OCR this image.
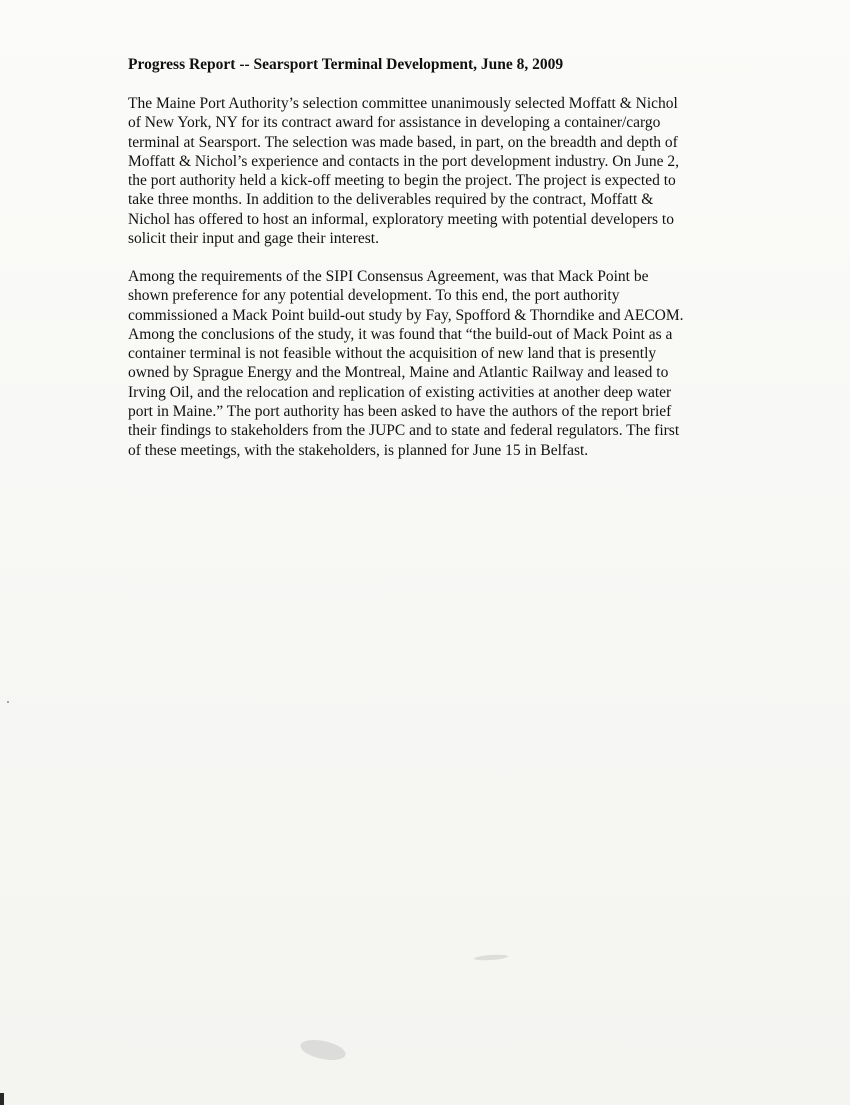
Progress Report -- Searsport Terminal Development, June 8, 2009

The Maine Port Authority’s selection committee unanimously selected Moffatt & Nichol
of New York, NY for its contract award for assistance in developing a container/cargo
terminal at Searsport. The selection was made based, in part, on the breadth and depth of
Moffatt & Nichol’s experience and contacts in the port development industry. On June 2,
the port authority held a kick-off meeting to begin the project. The project is expected to
take three months. In addition to the deliverables required by the contract, Moffatt &
Nichol has offered to host an informal, exploratory meeting with potential developers to
solicit their input and gage their interest.

Among the requirements of the SIPI Consensus Agreement, was that Mack Point be
shown preference for any potential development. To this end, the port authority
commissioned a Mack Point build-out study by Fay, Spofford & Thorndike and AECOM.
Among the conclusions of the study, it was found that “the build-out of Mack Point as a
container terminal is not feasible without the acquisition of new land that is presently
owned by Sprague Energy and the Montreal, Maine and Atlantic Railway and leased to
Irving Oil, and the relocation and replication of existing activities at another deep water
port in Maine.” The port authority has been asked to have the authors of the report brief
their findings to stakeholders from the JUPC and to state and federal regulators. The first
of these meetings, with the stakeholders, is planned for June 15 in Belfast.
